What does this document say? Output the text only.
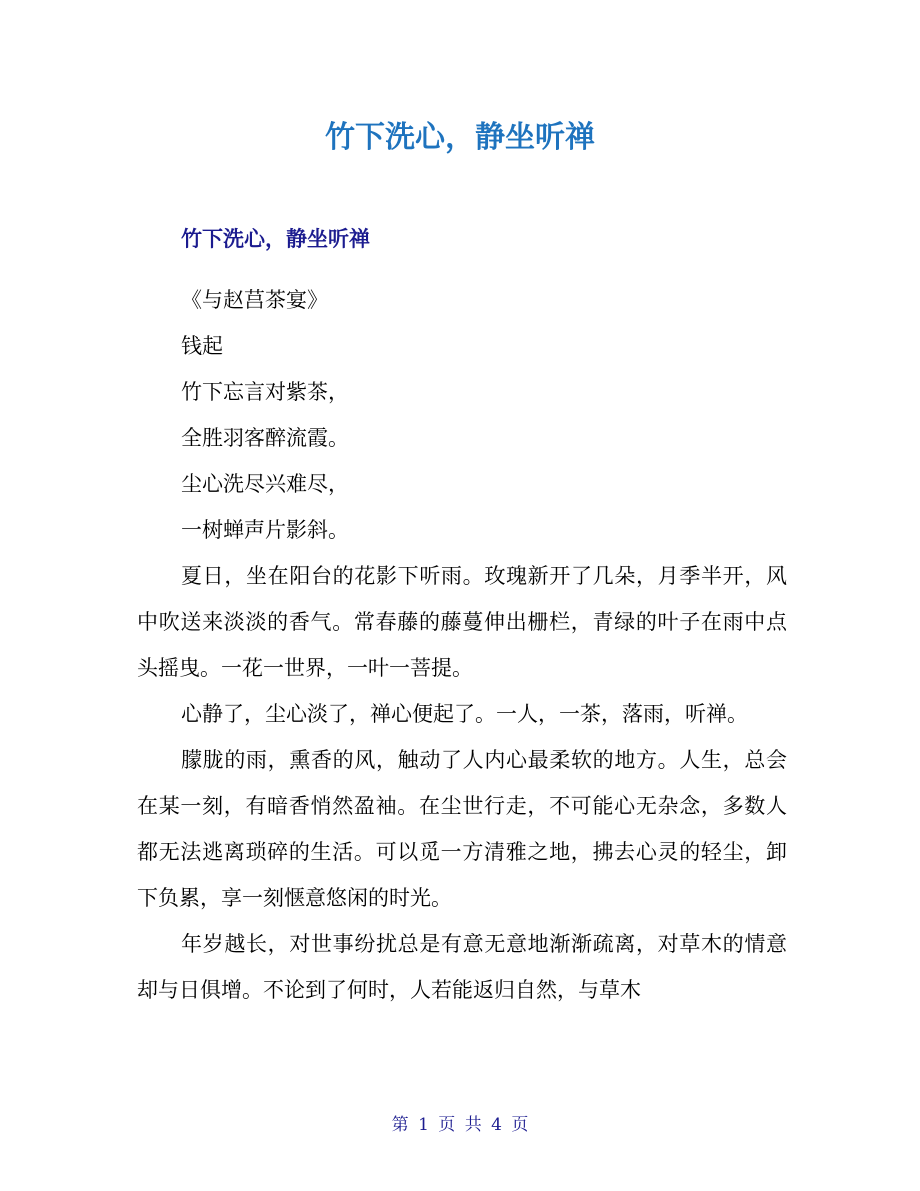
竹下洗心，静坐听禅
竹下洗心，静坐听禅

《与赵莒茶宴》

钱起

竹下忘言对紫茶，

全胜羽客醉流霞。

尘心洗尽兴难尽，

一树蝉声片影斜。

夏日，坐在阳台的花影下听雨。玫瑰新开了几朵，月季半开，风中吹送来淡淡的香气。常春藤的藤蔓伸出栅栏，青绿的叶子在雨中点头摇曳。一花一世界，一叶一菩提。

心静了，尘心淡了，禅心便起了。一人，一茶，落雨，听禅。

朦胧的雨，熏香的风，触动了人内心最柔软的地方。人生，总会在某一刻，有暗香悄然盈袖。在尘世行走，不可能心无杂念，多数人都无法逃离琐碎的生活。可以觅一方清雅之地，拂去心灵的轻尘，卸下负累，享一刻惬意悠闲的时光。

年岁越长，对世事纷扰总是有意无意地渐渐疏离，对草木的情意却与日俱增。不论到了何时，人若能返归自然，与草木

第 1 页 共 4 页
